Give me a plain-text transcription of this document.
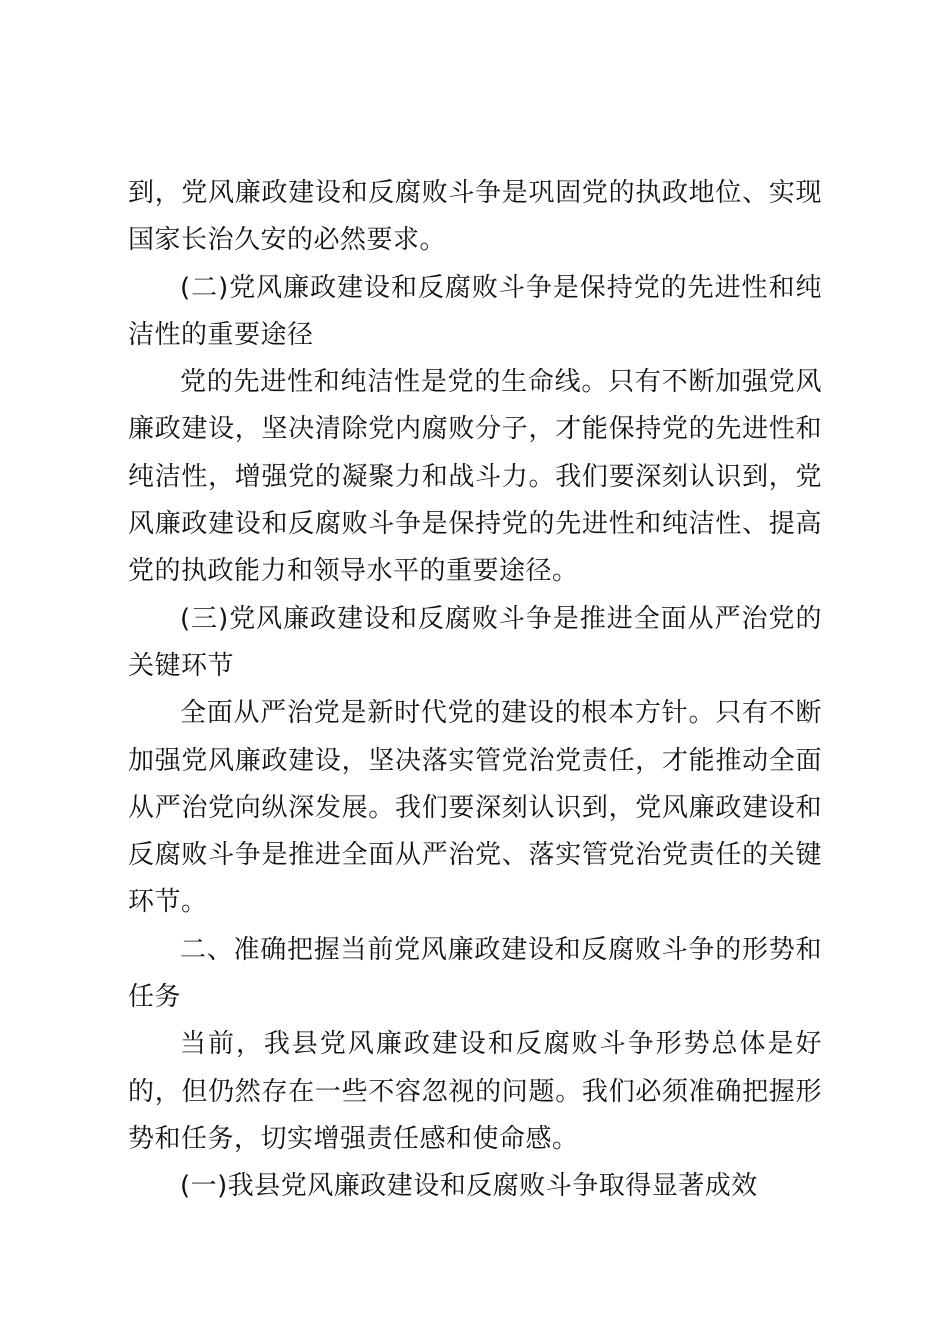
到，党风廉政建设和反腐败斗争是巩固党的执政地位、实现国家长治久安的必然要求。

(二)党风廉政建设和反腐败斗争是保持党的先进性和纯洁性的重要途径

党的先进性和纯洁性是党的生命线。只有不断加强党风廉政建设，坚决清除党内腐败分子，才能保持党的先进性和纯洁性，增强党的凝聚力和战斗力。我们要深刻认识到，党风廉政建设和反腐败斗争是保持党的先进性和纯洁性、提高党的执政能力和领导水平的重要途径。

(三)党风廉政建设和反腐败斗争是推进全面从严治党的关键环节

全面从严治党是新时代党的建设的根本方针。只有不断加强党风廉政建设，坚决落实管党治党责任，才能推动全面从严治党向纵深发展。我们要深刻认识到，党风廉政建设和反腐败斗争是推进全面从严治党、落实管党治党责任的关键环节。

二、准确把握当前党风廉政建设和反腐败斗争的形势和任务

当前，我县党风廉政建设和反腐败斗争形势总体是好的，但仍然存在一些不容忽视的问题。我们必须准确把握形势和任务，切实增强责任感和使命感。

(一)我县党风廉政建设和反腐败斗争取得显著成效
